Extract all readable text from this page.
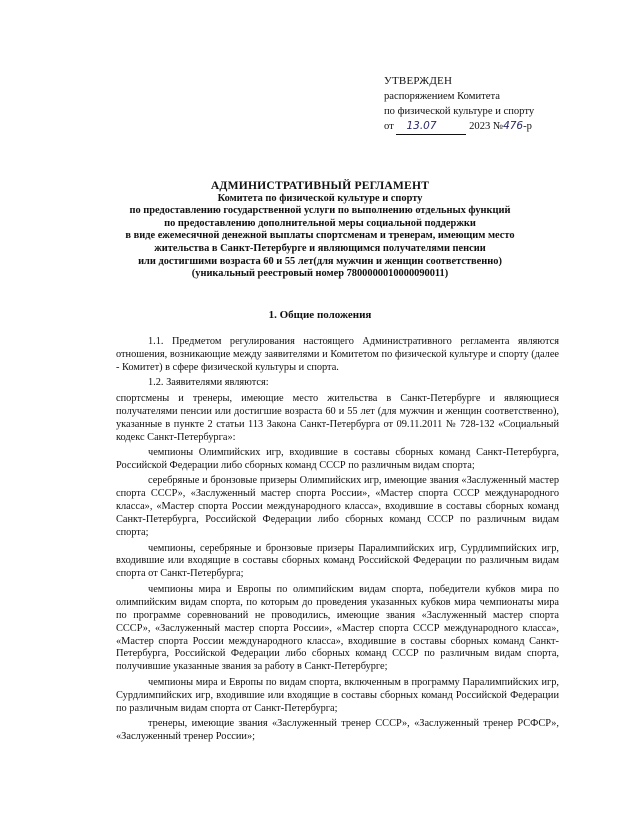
УТВЕРЖДЕН
распоряжением Комитета
по физической культуре и спорту
от 13.07	2023 №476-р
АДМИНИСТРАТИВНЫЙ РЕГЛАМЕНТ
Комитета по физической культуре и спорту
по предоставлению государственной услуги по выполнению отдельных функций
по предоставлению дополнительной меры социальной поддержки
в виде ежемесячной денежной выплаты спортсменам и тренерам, имеющим место
жительства в Санкт-Петербурге и являющимся получателями пенсии
или достигшими возраста 60 и 55 лет(для мужчин и женщин соответственно)
(уникальный реестровый номер 7800000010000090011)
1. Общие положения

1.1. Предметом регулирования настоящего Административного регламента являются отношения, возникающие между заявителями и Комитетом по физической культуре и спорту (далее - Комитет) в сфере физической культуры и спорта.

1.2. Заявителями являются:

спортсмены и тренеры, имеющие место жительства в Санкт-Петербурге и являющиеся получателями пенсии или достигшие возраста 60 и 55 лет (для мужчин и женщин соответственно), указанные в пункте 2 статьи 113 Закона Санкт-Петербурга от 09.11.2011 № 728-132 «Социальный кодекс Санкт-Петербурга»:

чемпионы Олимпийских игр, входившие в составы сборных команд Санкт-Петербурга, Российской Федерации либо сборных команд СССР по различным видам спорта;

серебряные и бронзовые призеры Олимпийских игр, имеющие звания «Заслуженный мастер спорта СССР», «Заслуженный мастер спорта России», «Мастер спорта СССР международного класса», «Мастер спорта России международного класса», входившие в составы сборных команд Санкт-Петербурга, Российской Федерации либо сборных команд СССР по различным видам спорта;

чемпионы, серебряные и бронзовые призеры Паралимпийских игр, Сурдлимпийских игр, входившие или входящие в составы сборных команд Российской Федерации по различным видам спорта от Санкт-Петербурга;

чемпионы мира и Европы по олимпийским видам спорта, победители кубков мира по олимпийским видам спорта, по которым до проведения указанных кубков мира чемпионаты мира по программе соревнований не проводились, имеющие звания «Заслуженный мастер спорта СССР», «Заслуженный мастер спорта России», «Мастер спорта СССР международного класса», «Мастер спорта России международного класса», входившие в составы сборных команд Санкт-Петербурга, Российской Федерации либо сборных команд СССР по различным видам спорта, получившие указанные звания за работу в Санкт-Петербурге;

чемпионы мира и Европы по видам спорта, включенным в программу Паралимпийских игр, Сурдлимпийских игр, входившие или входящие в составы сборных команд Российской Федерации по различным видам спорта от Санкт-Петербурга;

тренеры, имеющие звания «Заслуженный тренер СССР», «Заслуженный тренер РСФСР», «Заслуженный тренер России»;
